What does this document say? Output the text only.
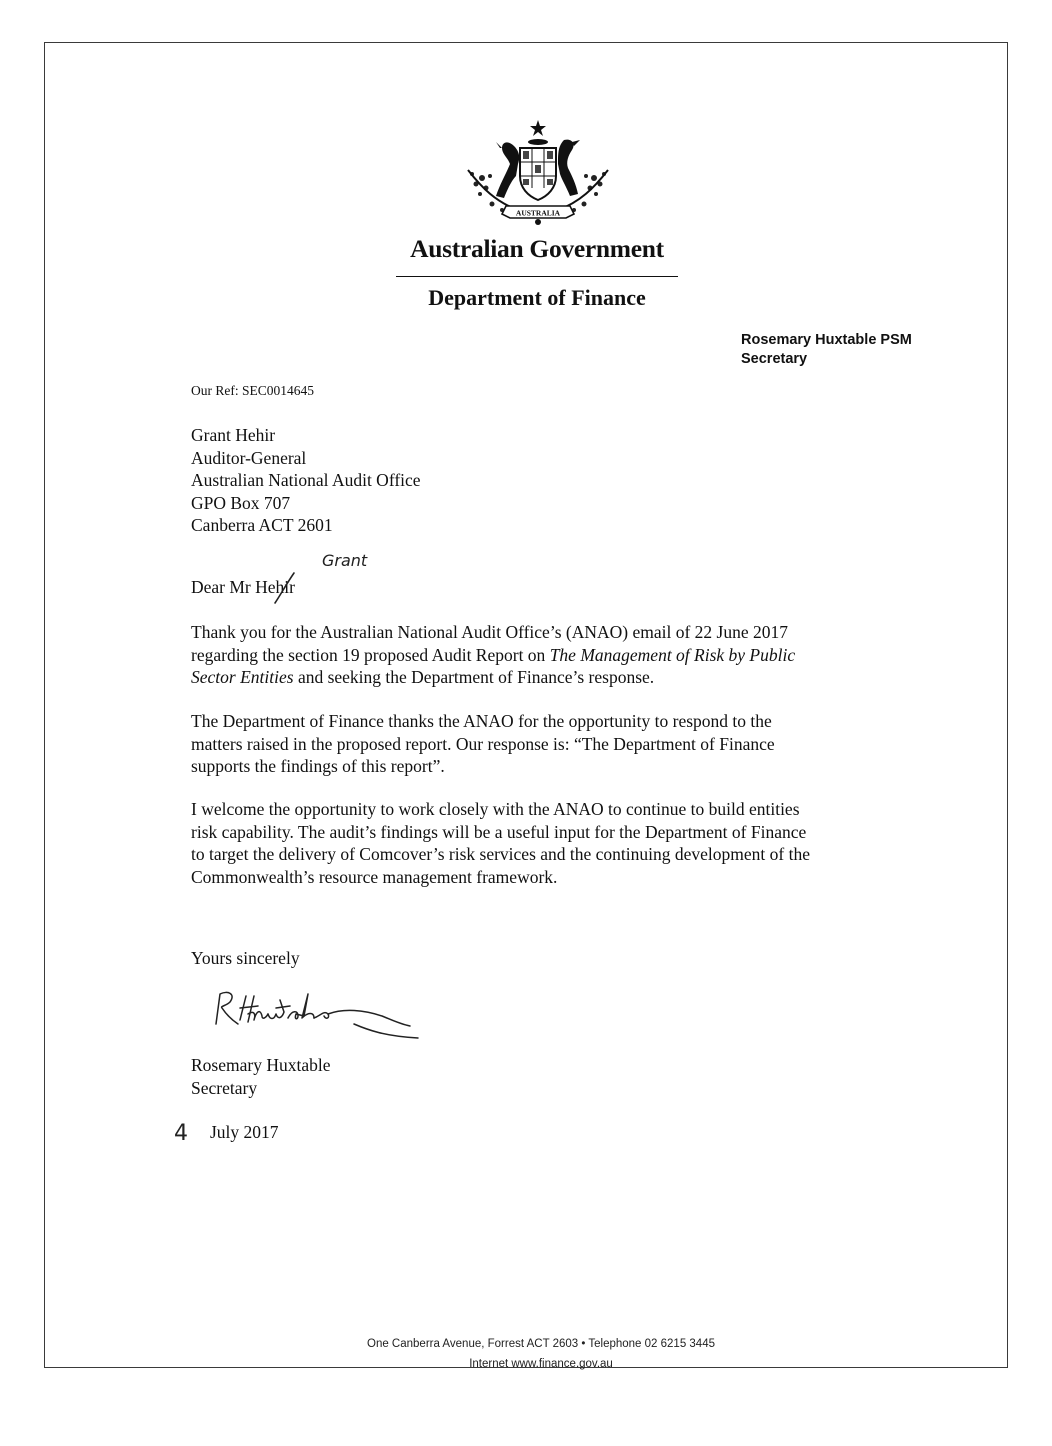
AUSTRALIA
Australian Government
Department of Finance
Rosemary Huxtable PSM
Secretary
Our Ref: SEC0014645
Grant Hehir
Auditor-General
Australian National Audit Office
GPO Box 707
Canberra ACT 2601
Grant
Dear Mr Hehir
Thank you for the Australian National Audit Office’s (ANAO) email of 22 June 2017
regarding the section 19 proposed Audit Report on The Management of Risk by Public
Sector Entities and seeking the Department of Finance’s response.
The Department of Finance thanks the ANAO for the opportunity to respond to the
matters raised in the proposed report. Our response is: “The Department of Finance
supports the findings of this report”.
I welcome the opportunity to work closely with the ANAO to continue to build entities
risk capability. The audit’s findings will be a useful input for the Department of Finance
to target the delivery of Comcover’s risk services and the continuing development of the
Commonwealth’s resource management framework.
Yours sincerely
Rosemary Huxtable
Secretary
4 July 2017
One Canberra Avenue, Forrest ACT 2603 • Telephone 02 6215 3445
Internet www.finance.gov.au
